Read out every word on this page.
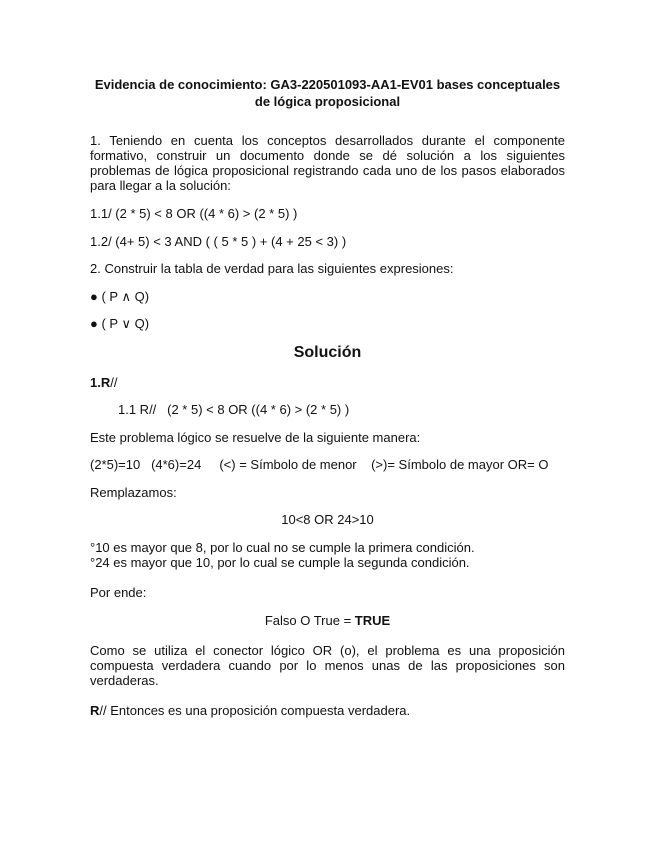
Evidencia de conocimiento: GA3-220501093-AA1-EV01 bases conceptuales
de lógica proposicional
1. Teniendo en cuenta los conceptos desarrollados durante el componente formativo, construir un documento donde se dé solución a los siguientes problemas de lógica proposicional registrando cada uno de los pasos elaborados para llegar a la solución:
1.1/ (2 * 5) < 8 OR ((4 * 6) > (2 * 5) )
1.2/ (4+ 5) < 3 AND ( ( 5 * 5 ) + (4 + 25 < 3) )
2. Construir la tabla de verdad para las siguientes expresiones:
● ( P ∧ Q)
● ( P ∨ Q)
Solución
1.R//
1.1 R//   (2 * 5) < 8 OR ((4 * 6) > (2 * 5) )
Este problema lógico se resuelve de la siguiente manera:
(2*5)=10   (4*6)=24     (<) = Símbolo de menor    (>)= Símbolo de mayor OR= O
Remplazamos:
10<8 OR 24>10
°10 es mayor que 8, por lo cual no se cumple la primera condición.
°24 es mayor que 10, por lo cual se cumple la segunda condición.
Por ende:
Falso O True = TRUE
Como se utiliza el conector lógico OR (o), el problema es una proposición compuesta verdadera cuando por lo menos unas de las proposiciones son verdaderas.
R// Entonces es una proposición compuesta verdadera.
